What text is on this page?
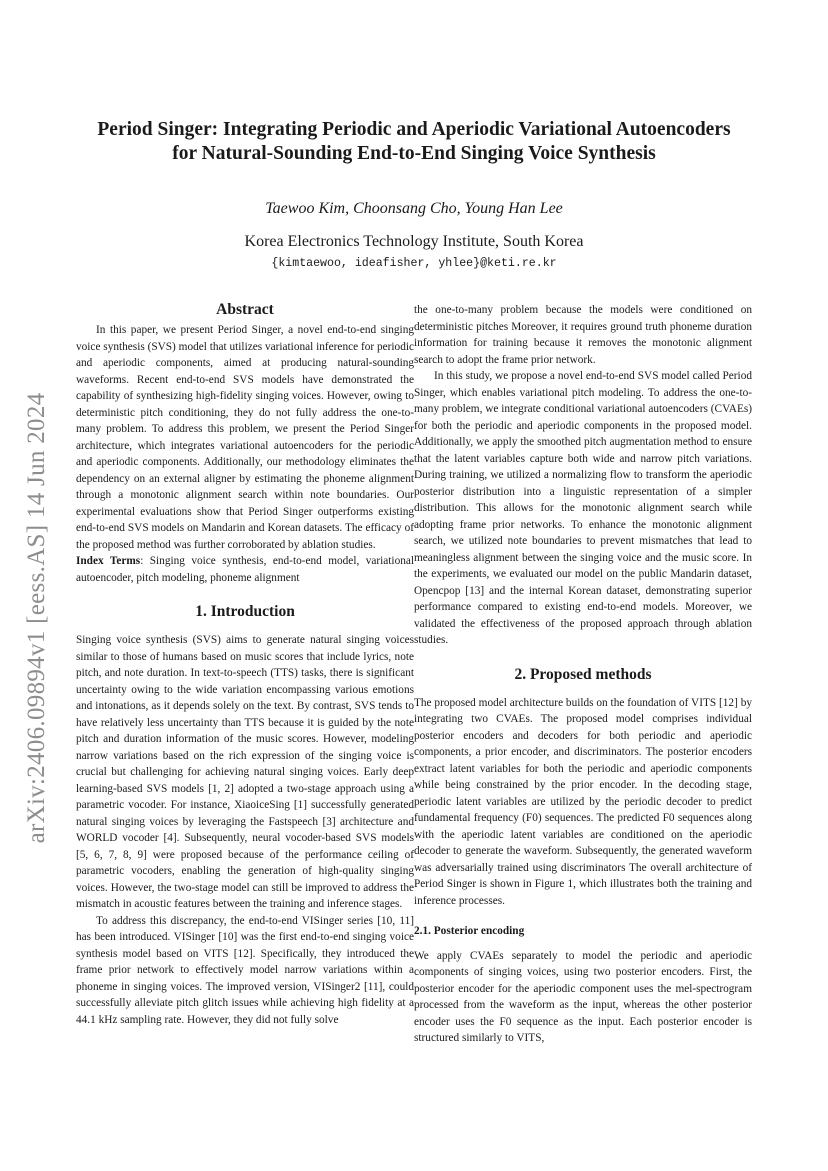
arXiv:2406.09894v1 [eess.AS] 14 Jun 2024
Period Singer: Integrating Periodic and Aperiodic Variational Autoencoders
for Natural-Sounding End-to-End Singing Voice Synthesis
Taewoo Kim, Choonsang Cho, Young Han Lee
Korea Electronics Technology Institute, South Korea
{kimtaewoo, ideafisher, yhlee}@keti.re.kr
Abstract
In this paper, we present Period Singer, a novel end-to-end singing voice synthesis (SVS) model that utilizes variational inference for periodic and aperiodic components, aimed at producing natural-sounding waveforms. Recent end-to-end SVS models have demonstrated the capability of synthesizing high-fidelity singing voices. However, owing to deterministic pitch conditioning, they do not fully address the one-to-many problem. To address this problem, we present the Period Singer architecture, which integrates variational autoencoders for the periodic and aperiodic components. Additionally, our methodology eliminates the dependency on an external aligner by estimating the phoneme alignment through a monotonic alignment search within note boundaries. Our experimental evaluations show that Period Singer outperforms existing end-to-end SVS models on Mandarin and Korean datasets. The efficacy of the proposed method was further corroborated by ablation studies.
Index Terms: Singing voice synthesis, end-to-end model, variational autoencoder, pitch modeling, phoneme alignment
1. Introduction
Singing voice synthesis (SVS) aims to generate natural singing voices similar to those of humans based on music scores that include lyrics, note pitch, and note duration. In text-to-speech (TTS) tasks, there is significant uncertainty owing to the wide variation encompassing various emotions and intonations, as it depends solely on the text. By contrast, SVS tends to have relatively less uncertainty than TTS because it is guided by the note pitch and duration information of the music scores. However, modeling narrow variations based on the rich expression of the singing voice is crucial but challenging for achieving natural singing voices. Early deep learning-based SVS models [1, 2] adopted a two-stage approach using a parametric vocoder. For instance, XiaoiceSing [1] successfully generated natural singing voices by leveraging the Fastspeech [3] architecture and WORLD vocoder [4]. Subsequently, neural vocoder-based SVS models [5, 6, 7, 8, 9] were proposed because of the performance ceiling of parametric vocoders, enabling the generation of high-quality singing voices. However, the two-stage model can still be improved to address the mismatch in acoustic features between the training and inference stages.
To address this discrepancy, the end-to-end VISinger series [10, 11] has been introduced. VISinger [10] was the first end-to-end singing voice synthesis model based on VITS [12]. Specifically, they introduced the frame prior network to effectively model narrow variations within a phoneme in singing voices. The improved version, VISinger2 [11], could successfully alleviate pitch glitch issues while achieving high fidelity at a 44.1 kHz sampling rate. However, they did not fully solve
the one-to-many problem because the models were conditioned on deterministic pitches Moreover, it requires ground truth phoneme duration information for training because it removes the monotonic alignment search to adopt the frame prior network.
In this study, we propose a novel end-to-end SVS model called Period Singer, which enables variational pitch modeling. To address the one-to-many problem, we integrate conditional variational autoencoders (CVAEs) for both the periodic and aperiodic components in the proposed model. Additionally, we apply the smoothed pitch augmentation method to ensure that the latent variables capture both wide and narrow pitch variations. During training, we utilized a normalizing flow to transform the aperiodic posterior distribution into a linguistic representation of a simpler distribution. This allows for the monotonic alignment search while adopting frame prior networks. To enhance the monotonic alignment search, we utilized note boundaries to prevent mismatches that lead to meaningless alignment between the singing voice and the music score. In the experiments, we evaluated our model on the public Mandarin dataset, Opencpop [13] and the internal Korean dataset, demonstrating superior performance compared to existing end-to-end models. Moreover, we validated the effectiveness of the proposed approach through ablation studies.
2. Proposed methods
The proposed model architecture builds on the foundation of VITS [12] by integrating two CVAEs. The proposed model comprises individual posterior encoders and decoders for both periodic and aperiodic components, a prior encoder, and discriminators. The posterior encoders extract latent variables for both the periodic and aperiodic components while being constrained by the prior encoder. In the decoding stage, periodic latent variables are utilized by the periodic decoder to predict fundamental frequency (F0) sequences. The predicted F0 sequences along with the aperiodic latent variables are conditioned on the aperiodic decoder to generate the waveform. Subsequently, the generated waveform was adversarially trained using discriminators The overall architecture of Period Singer is shown in Figure 1, which illustrates both the training and inference processes.
2.1. Posterior encoding
We apply CVAEs separately to model the periodic and aperiodic components of singing voices, using two posterior encoders. First, the posterior encoder for the aperiodic component uses the mel-spectrogram processed from the waveform as the input, whereas the other posterior encoder uses the F0 sequence as the input. Each posterior encoder is structured similarly to VITS,
